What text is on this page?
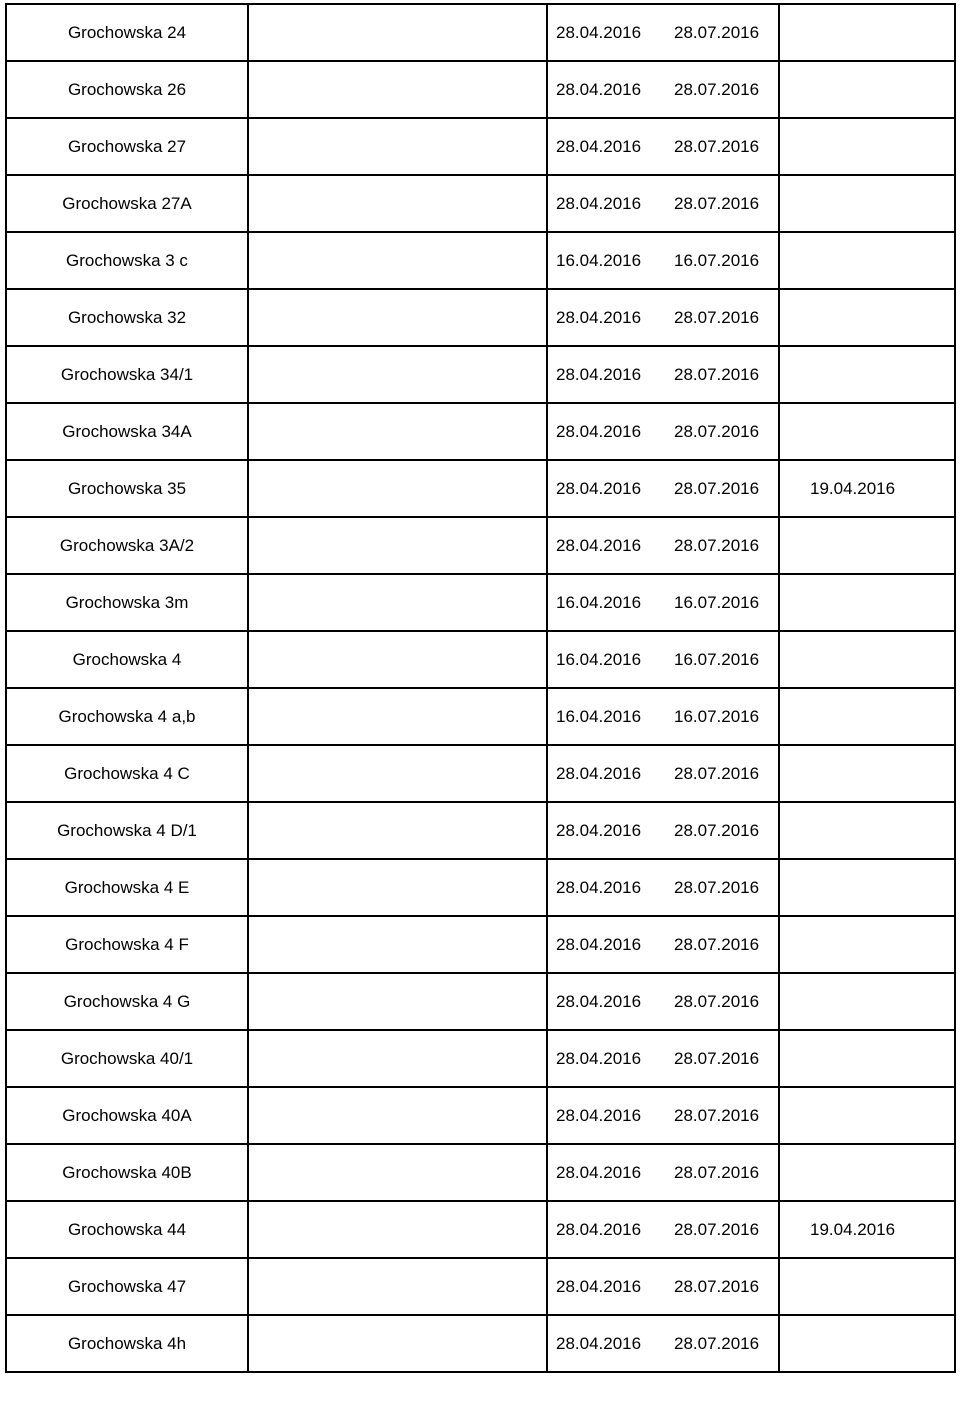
Grochowska 24		28.04.2016 28.07.2016	
Grochowska 26		28.04.2016 28.07.2016	
Grochowska 27		28.04.2016 28.07.2016	
Grochowska 27A		28.04.2016 28.07.2016	
Grochowska 3 c		16.04.2016 16.07.2016	
Grochowska 32		28.04.2016 28.07.2016	
Grochowska 34/1		28.04.2016 28.07.2016	
Grochowska 34A		28.04.2016 28.07.2016	
Grochowska 35		28.04.2016 28.07.2016	19.04.2016
Grochowska 3A/2		28.04.2016 28.07.2016	
Grochowska 3m		16.04.2016 16.07.2016	
Grochowska 4		16.04.2016 16.07.2016	
Grochowska 4 a,b		16.04.2016 16.07.2016	
Grochowska 4 C		28.04.2016 28.07.2016	
Grochowska 4 D/1		28.04.2016 28.07.2016	
Grochowska 4 E		28.04.2016 28.07.2016	
Grochowska 4 F		28.04.2016 28.07.2016	
Grochowska 4 G		28.04.2016 28.07.2016	
Grochowska 40/1		28.04.2016 28.07.2016	
Grochowska 40A		28.04.2016 28.07.2016	
Grochowska 40B		28.04.2016 28.07.2016	
Grochowska 44		28.04.2016 28.07.2016	19.04.2016
Grochowska 47		28.04.2016 28.07.2016	
Grochowska 4h		28.04.2016 28.07.2016	
